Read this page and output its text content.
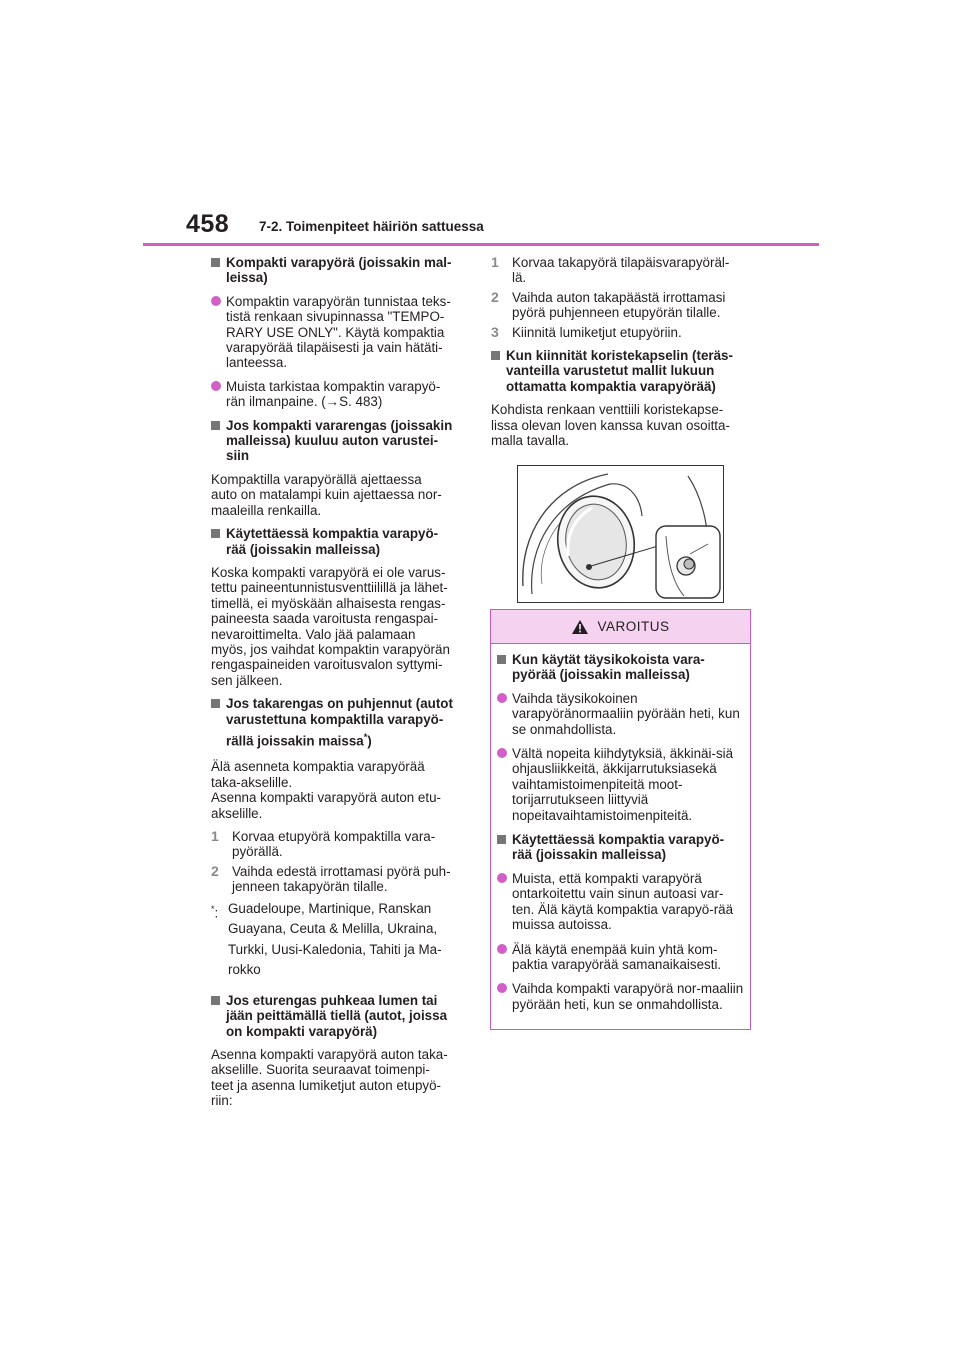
458 7-2. Toimenpiteet häiriön sattuessa
Kompakti varapyörä (joissakin mal-
leissa)
Kompaktin varapyörän tunnistaa teks-
tistä renkaan sivupinnassa "TEMPO-
RARY USE ONLY". Käytä kompaktia
varapyörää tilapäisesti ja vain hätäti-
lanteessa.
Muista tarkistaa kompaktin varapyö-
rän ilmanpaine. (→S. 483)
Jos kompakti vararengas (joissakin
malleissa) kuuluu auton varustei-
siin
Kompaktilla varapyörällä ajettaessa
auto on matalampi kuin ajettaessa nor-
maaleilla renkailla.
Käytettäessä kompaktia varapyö-
rää (joissakin malleissa)
Koska kompakti varapyörä ei ole varus-
tettu paineentunnistusventtiilillä ja lähet-
timellä, ei myöskään alhaisesta rengas-
paineesta saada varoitusta rengaspai-
nevaroittimelta. Valo jää palamaan
myös, jos vaihdat kompaktin varapyörän
rengaspaineiden varoitusvalon syttymi-
sen jälkeen.
Jos takarengas on puhjennut (autot
varustettuna kompaktilla varapyö-
rällä joissakin maissa*)
Älä asenneta kompaktia varapyörää
taka-akselille.
Asenna kompakti varapyörä auton etu-
akselille.
1 Korvaa etupyörä kompaktilla vara-
pyörällä.
2 Vaihda edestä irrottamasi pyörä puh-
jenneen takapyörän tilalle.
*: Guadeloupe, Martinique, Ranskan
Guayana, Ceuta & Melilla, Ukraina,
Turkki, Uusi-Kaledonia, Tahiti ja Ma-
rokko
Jos eturengas puhkeaa lumen tai
jään peittämällä tiellä (autot, joissa
on kompakti varapyörä)
Asenna kompakti varapyörä auton taka-
akselille. Suorita seuraavat toimenpi-
teet ja asenna lumiketjut auton etupyö-
riin:
1 Korvaa takapyörä tilapäisvarapyöräl-
lä.
2 Vaihda auton takapäästä irrottamasi
pyörä puhjenneen etupyörän tilalle.
3 Kiinnitä lumiketjut etupyöriin.
Kun kiinnität koristekapselin (teräs-
vanteilla varustetut mallit lukuun
ottamatta kompaktia varapyörää)
Kohdista renkaan venttiili koristekapse-
lissa olevan loven kanssa kuvan osoitta-
malla tavalla.
VAROITUS
Kun käytät täysikokoista vara-pyörää (joissakin malleissa)
Vaihda täysikokoinen varapyöränormaaliin pyörään heti, kun se onmahdollista.
Vältä nopeita kiihdytyksiä, äkkinäi-siä ohjausliikkeitä, äkkijarrutuksiasekä vaihtamistoimenpiteitä moot-torijarrutukseen liittyviä nopeitavaihtamistoimenpiteitä.
Käytettäessä kompaktia varapyö-rää (joissakin malleissa)
Muista, että kompakti varapyörä ontarkoitettu vain sinun autoasi var-ten. Älä käytä kompaktia varapyö-rää muissa autoissa.
Älä käytä enempää kuin yhtä kom-paktia varapyörää samanaikaisesti.
Vaihda kompakti varapyörä nor-maaliin pyörään heti, kun se onmahdollista.
